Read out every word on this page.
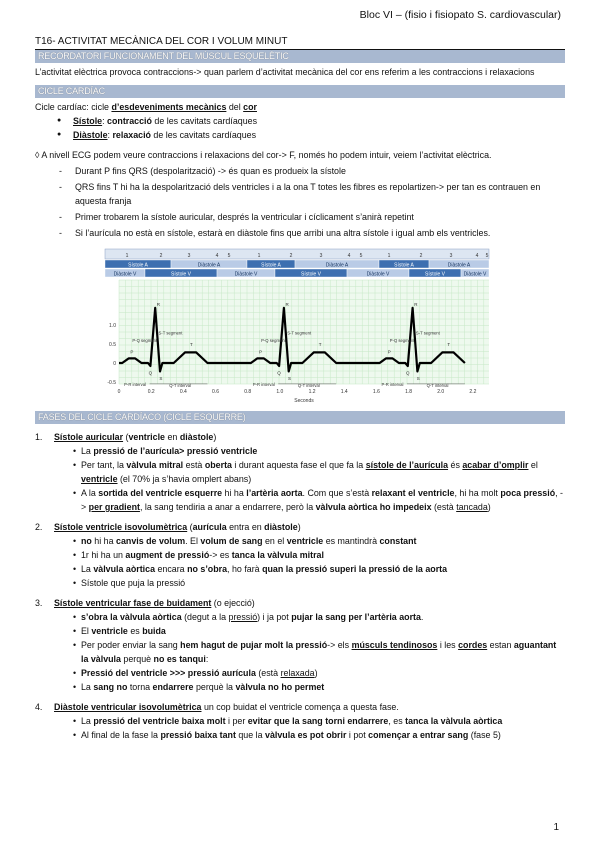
Bloc VI – (fisio i fisiopato S. cardiovascular)
T16- ACTIVITAT MECÀNICA DEL COR I VOLUM MINUT
RECORDATORI FUNCIONAMENT DEL MÚSCUL ESQUELÈTIC

L’activitat elèctrica provoca contraccions-> quan parlem d’activitat mecànica del cor ens referim a les contraccions i relaxacions

CICLE CARDÍAC

Cicle cardíac: cicle d’esdeveniments mecànics del cor

● Sístole: contracció de les cavitats cardíaques
● Diàstole: relaxació de les cavitats cardíaques

◊ A nivell ECG podem veure contraccions i relaxacions del cor-> F, només ho podem intuir, veiem l’activitat elèctrica.

- Durant P fins QRS (despolarització) -> és quan es produeix la sístole
- QRS fins T hi ha la despolarització dels ventricles i a la ona T totes les fibres es repolartizen-> per tan es contrauen en aquesta franja
- Primer trobarem la sístole auricular, després la ventricular i cíclicament s’anirà repetint
- Si l’aurícula no està en sístole, estarà en diàstole fins que arribi una altra sístole i igual amb els ventricles.
1	2	3	4 5	1	2	3	4 5	1	2	3	4 5
Sístole A	Diàstole A	Sístole A	Diàstole A	Sístole A	Diàstole A
Diàstole V	Sístole V	Diàstole V	Sístole V	Diàstole V	Sístole V	Diàstole V
1.0
0.5
0
-0.5
P
Q
R
S
T
P-Q segment
S-T segment
P-R interval	Q-T interval
P
Q
R
S
T
P-Q segment
S-T segment
P-R interval	Q-T interval
P
Q
R
S
T
P-Q segment
S-T segment
P-R interval	Q-T interval
0	0.2	0.4	0.6	0.8	1.0	1.2	1.4	1.6	1.8	2.0	2.2
Seconds
FASES DEL CICLE CARDÍACO (CICLE ESQUERRE)
1. Sístole auricular (ventricle en diàstole)
• La pressió de l’aurícula> pressió ventricle
• Per tant, la vàlvula mitral està oberta i durant aquesta fase el que fa la sístole de l’aurícula és acabar d’omplir el ventricle (el 70% ja s’havia omplert abans)
• A la sortida del ventricle esquerre hi ha l’artèria aorta. Com que s’està relaxant el ventricle, hi ha molt poca pressió, -> per gradient, la sang tendiria a anar a endarrere, però la vàlvula aòrtica ho impedeix (està tancada)
2. Sístole ventricle isovolumètrica (aurícula entra en diàstole)
• no hi ha canvis de volum. El volum de sang en el ventricle es mantindrà constant
• 1r hi ha un augment de pressió-> es tanca la vàlvula mitral
• La vàlvula aòrtica encara no s’obra, ho farà quan la pressió superi la pressió de la aorta
• Sístole que puja la pressió
3. Sístole ventricular fase de buidament (o ejecció)
• s’obra la vàlvula aòrtica (degut a la pressió) i ja pot pujar la sang per l’artèria aorta.
• El ventricle es buida
• Per poder enviar la sang hem hagut de pujar molt la pressió-> els músculs tendinosos i les cordes estan aguantant la vàlvula perquè no es tanqui:
• Pressió del ventricle >>> pressió aurícula (està relaxada)
• La sang no torna endarrere perquè la vàlvula no ho permet
4. Diàstole ventricular isovolumètrica un cop buidat el ventricle comença a questa fase.
• La pressió del ventricle baixa molt i per evitar que la sang torni endarrere, es tanca la vàlvula aòrtica
• Al final de la fase la pressió baixa tant que la vàlvula es pot obrir i pot començar a entrar sang (fase 5)
1
